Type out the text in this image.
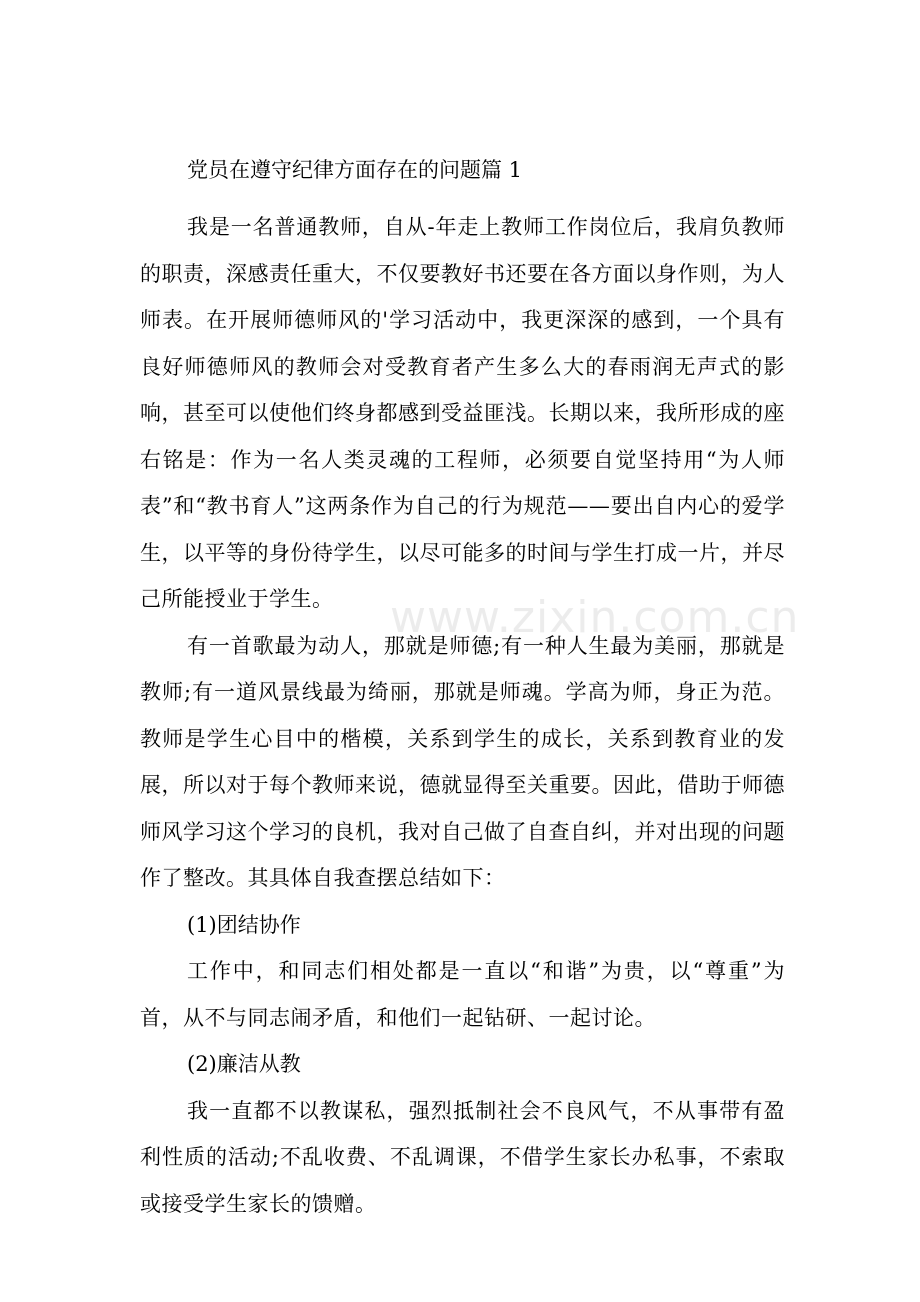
党员在遵守纪律方面存在的问题篇 1

我是一名普通教师，自从-年走上教师工作岗位后，我肩负教师的职责，深感责任重大，不仅要教好书还要在各方面以身作则，为人师表。在开展师德师风的'学习活动中，我更深深的感到，一个具有良好师德师风的教师会对受教育者产生多么大的春雨润无声式的影响，甚至可以使他们终身都感到受益匪浅。长期以来，我所形成的座右铭是：作为一名人类灵魂的工程师，必须要自觉坚持用“为人师表”和“教书育人”这两条作为自己的行为规范——要出自内心的爱学生，以平等的身份待学生，以尽可能多的时间与学生打成一片，并尽己所能授业于学生。

有一首歌最为动人，那就是师德;有一种人生最为美丽，那就是教师;有一道风景线最为绮丽，那就是师魂。学高为师，身正为范。教师是学生心目中的楷模，关系到学生的成长，关系到教育业的发展，所以对于每个教师来说，德就显得至关重要。因此，借助于师德师风学习这个学习的良机，我对自己做了自查自纠，并对出现的问题作了整改。其具体自我查摆总结如下：

(1)团结协作

工作中，和同志们相处都是一直以“和谐”为贵，以“尊重”为首，从不与同志闹矛盾，和他们一起钻研、一起讨论。

(2)廉洁从教

我一直都不以教谋私，强烈抵制社会不良风气，不从事带有盈利性质的活动;不乱收费、不乱调课，不借学生家长办私事，不索取或接受学生家长的馈赠。

www.zixin.com.cn
